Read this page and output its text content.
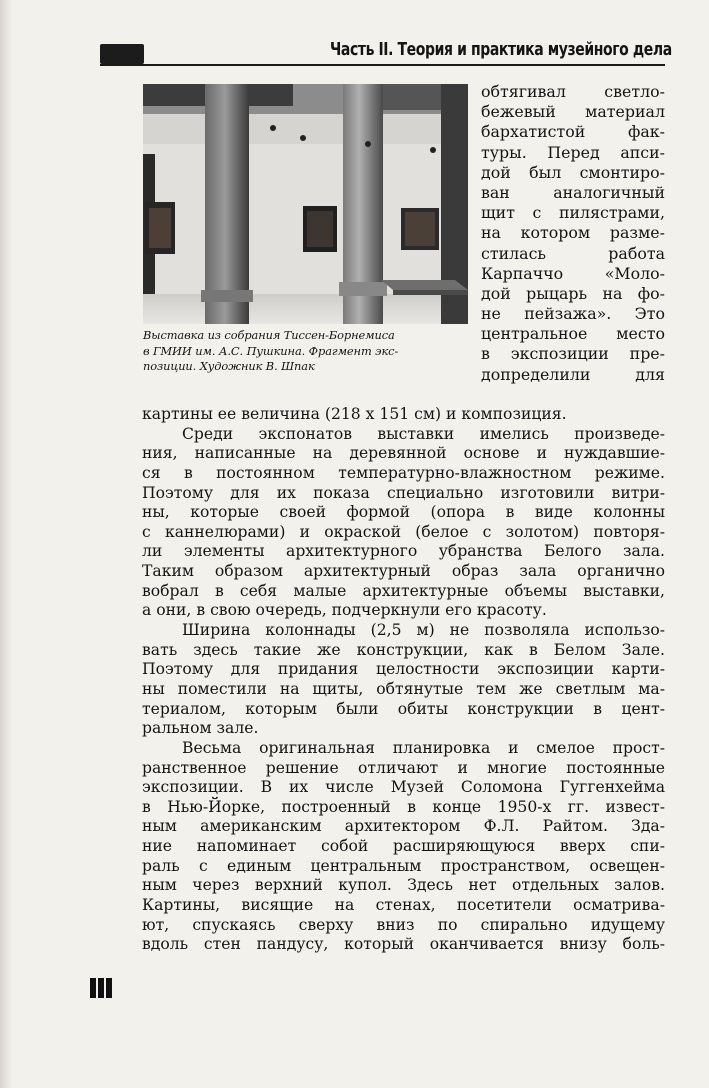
Часть II. Теория и практика музейного дела
Выставка из собрания Тиссен-Борнемиса
в ГМИИ им. А.С. Пушкина. Фрагмент экс-
позиции. Художник В. Шпак
обтягивал светло-
бежевый материал
бархатистой фак-
туры. Перед апси-
дой был смонтиро-
ван аналогичный
щит с пилястрами,
на котором разме-
стилась работа
Карпаччо «Моло-
дой рыцарь на фо-
не пейзажа». Это
центральное место
в экспозиции пре-
допределили для
картины ее величина (218 x 151 см) и композиция.
Среди экспонатов выставки имелись произведе-
ния, написанные на деревянной основе и нуждавшие-
ся в постоянном температурно-влажностном режиме.
Поэтому для их показа специально изготовили витри-
ны, которые своей формой (опора в виде колонны
с каннелюрами) и окраской (белое с золотом) повторя-
ли элементы архитектурного убранства Белого зала.
Таким образом архитектурный образ зала органично
вобрал в себя малые архитектурные объемы выставки,
а они, в свою очередь, подчеркнули его красоту.
Ширина колоннады (2,5 м) не позволяла использо-
вать здесь такие же конструкции, как в Белом Зале.
Поэтому для придания целостности экспозиции карти-
ны поместили на щиты, обтянутые тем же светлым ма-
териалом, которым были обиты конструкции в цент-
ральном зале.
Весьма оригинальная планировка и смелое прост-
ранственное решение отличают и многие постоянные
экспозиции. В их числе Музей Соломона Гуггенхейма
в Нью-Йорке, построенный в конце 1950-х гг. извест-
ным американским архитектором Ф.Л. Райтом. Зда-
ние напоминает собой расширяющуюся вверх спи-
раль с единым центральным пространством, освещен-
ным через верхний купол. Здесь нет отдельных залов.
Картины, висящие на стенах, посетители осматрива-
ют, спускаясь сверху вниз по спирально идущему
вдоль стен пандусу, который оканчивается внизу боль-
